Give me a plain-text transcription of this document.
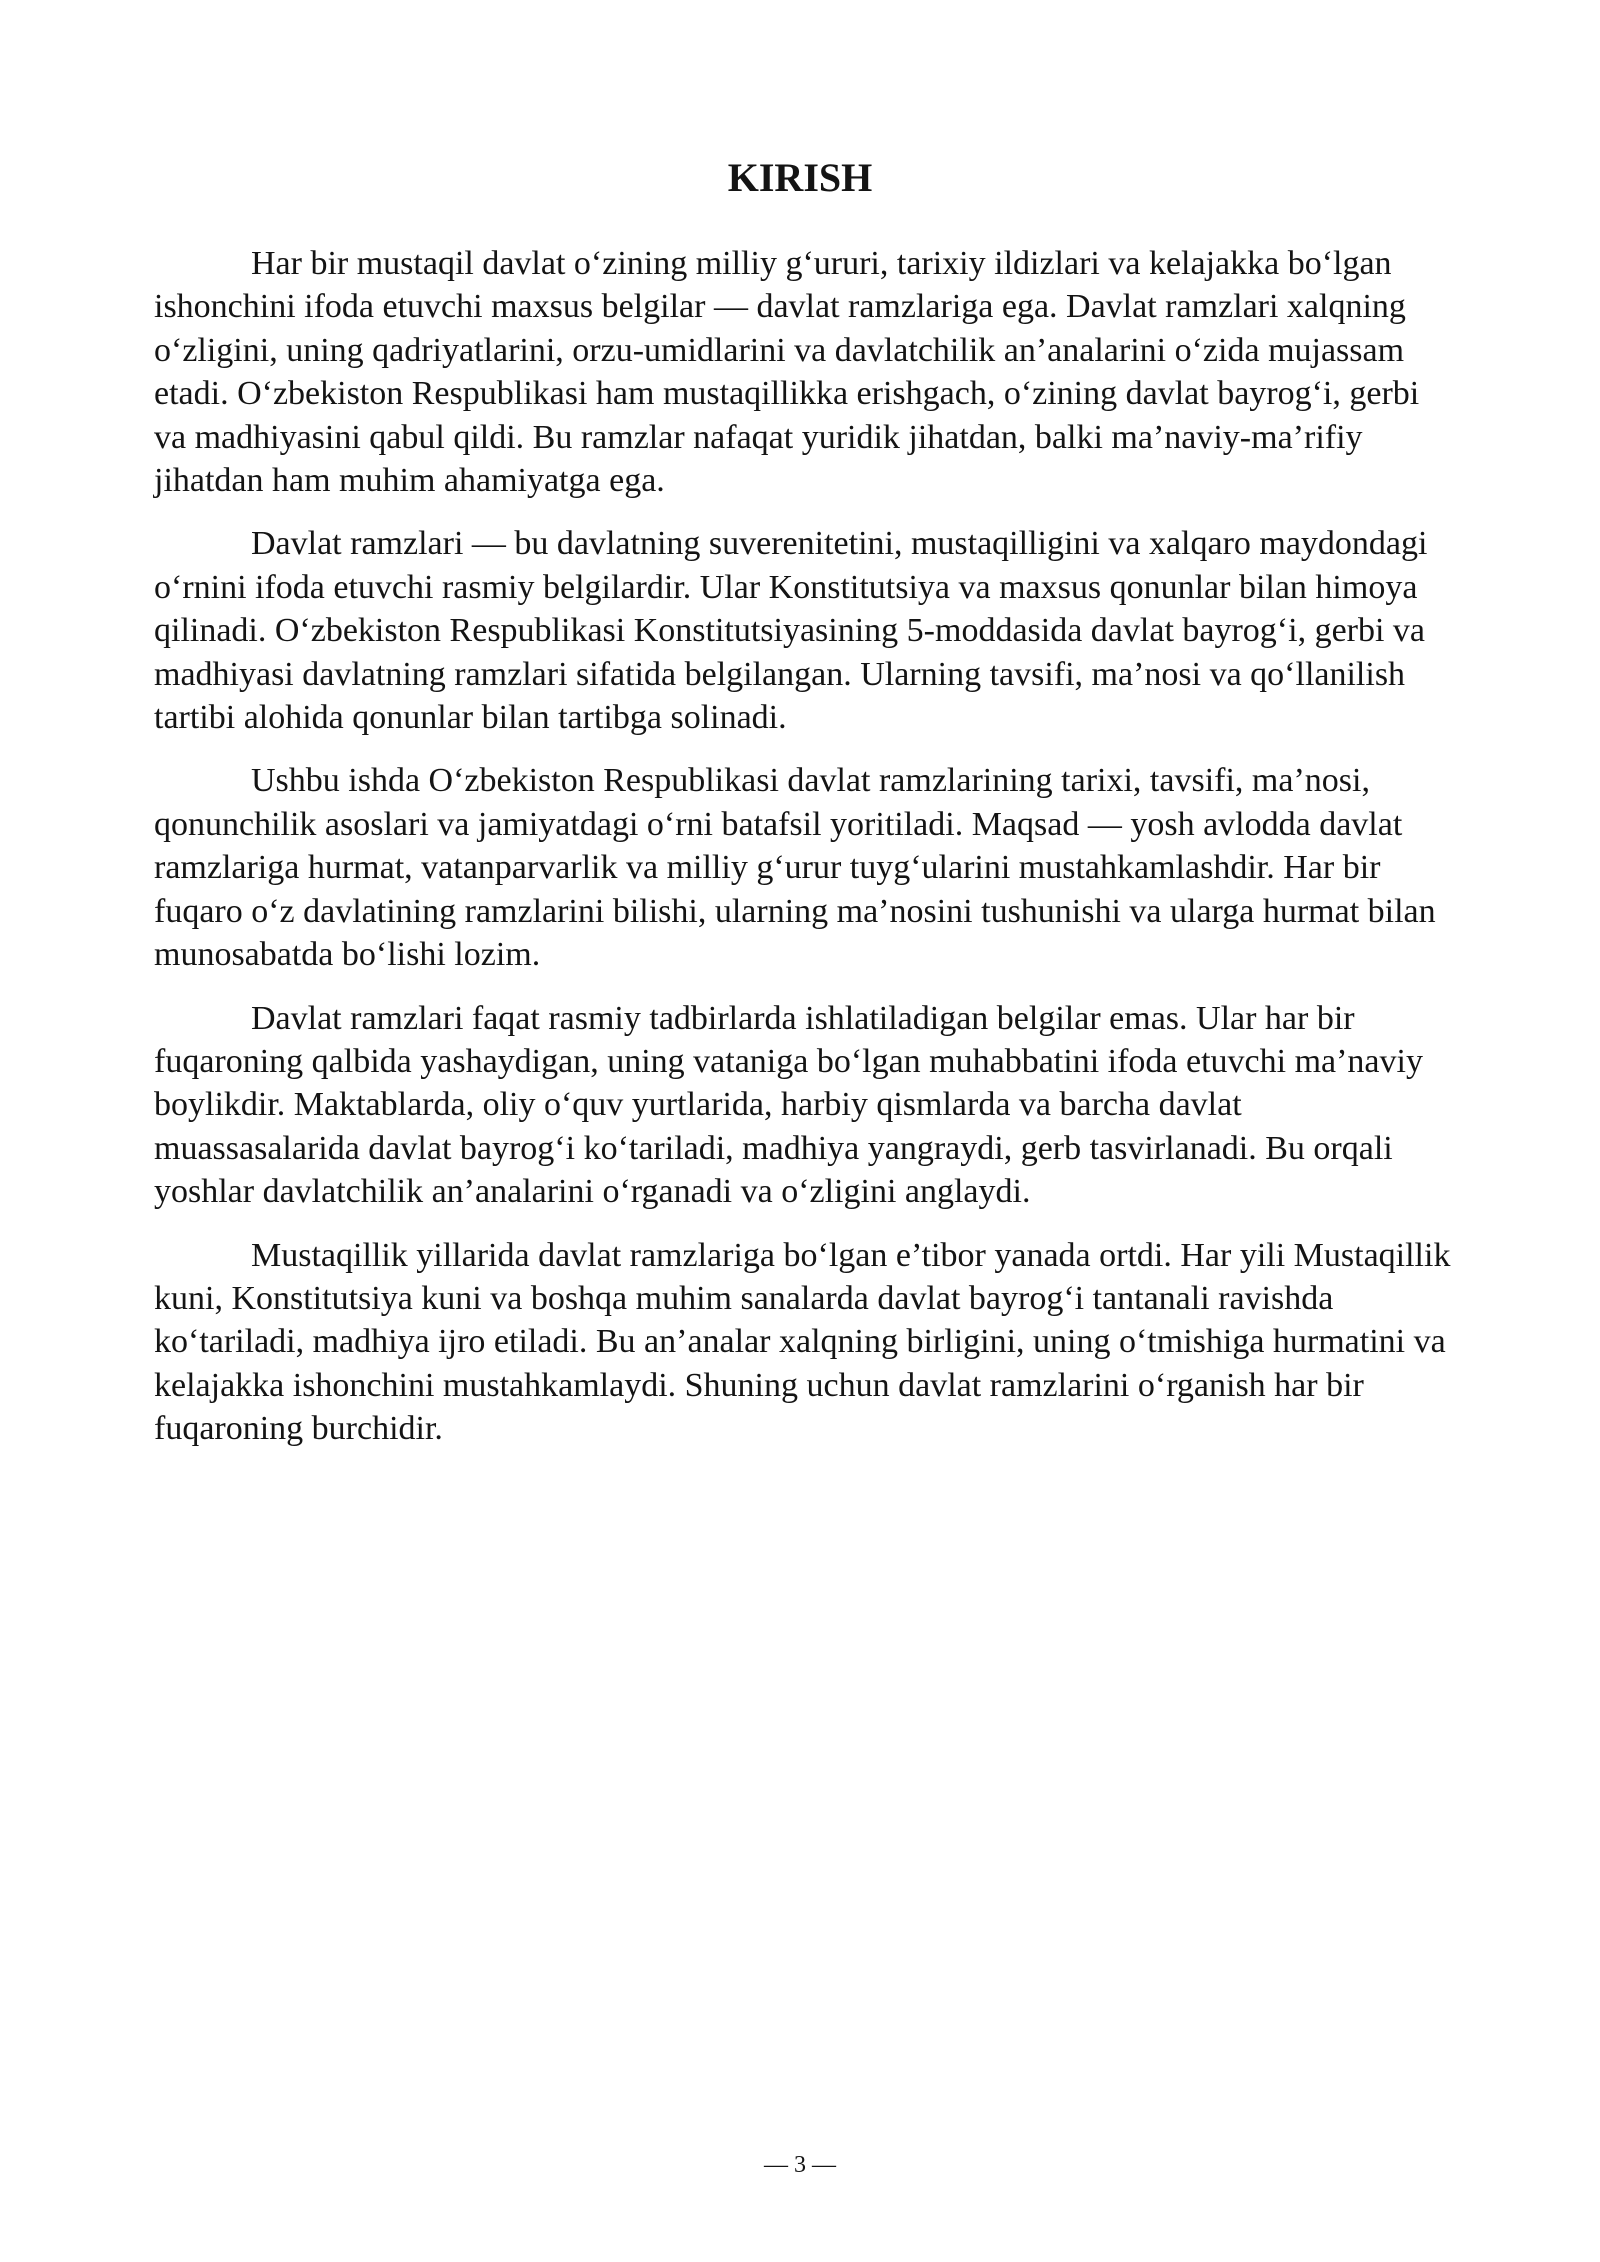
KIRISH

Har bir mustaqil davlat o‘zining milliy g‘ururi, tarixiy ildizlari va kelajakka bo‘lgan ishonchini ifoda etuvchi maxsus belgilar — davlat ramzlariga ega. Davlat ramzlari xalqning o‘zligini, uning qadriyatlarini, orzu-umidlarini va davlatchilik an’analarini o‘zida mujassam etadi. O‘zbekiston Respublikasi ham mustaqillikka erishgach, o‘zining davlat bayrog‘i, gerbi va madhiyasini qabul qildi. Bu ramzlar nafaqat yuridik jihatdan, balki ma’naviy-ma’rifiy jihatdan ham muhim ahamiyatga ega.

Davlat ramzlari — bu davlatning suverenitetini, mustaqilligini va xalqaro maydondagi o‘rnini ifoda etuvchi rasmiy belgilardir. Ular Konstitutsiya va maxsus qonunlar bilan himoya qilinadi. O‘zbekiston Respublikasi Konstitutsiyasining 5-moddasida davlat bayrog‘i, gerbi va madhiyasi davlatning ramzlari sifatida belgilangan. Ularning tavsifi, ma’nosi va qo‘llanilish tartibi alohida qonunlar bilan tartibga solinadi.

Ushbu ishda O‘zbekiston Respublikasi davlat ramzlarining tarixi, tavsifi, ma’nosi, qonunchilik asoslari va jamiyatdagi o‘rni batafsil yoritiladi. Maqsad — yosh avlodda davlat ramzlariga hurmat, vatanparvarlik va milliy g‘urur tuyg‘ularini mustahkamlashdir. Har bir fuqaro o‘z davlatining ramzlarini bilishi, ularning ma’nosini tushunishi va ularga hurmat bilan munosabatda bo‘lishi lozim.

Davlat ramzlari faqat rasmiy tadbirlarda ishlatiladigan belgilar emas. Ular har bir fuqaroning qalbida yashaydigan, uning vataniga bo‘lgan muhabbatini ifoda etuvchi ma’naviy boylikdir. Maktablarda, oliy o‘quv yurtlarida, harbiy qismlarda va barcha davlat muassasalarida davlat bayrog‘i ko‘tariladi, madhiya yangraydi, gerb tasvirlanadi. Bu orqali yoshlar davlatchilik an’analarini o‘rganadi va o‘zligini anglaydi.

Mustaqillik yillarida davlat ramzlariga bo‘lgan e’tibor yanada ortdi. Har yili Mustaqillik kuni, Konstitutsiya kuni va boshqa muhim sanalarda davlat bayrog‘i tantanali ravishda ko‘tariladi, madhiya ijro etiladi. Bu an’analar xalqning birligini, uning o‘tmishiga hurmatini va kelajakka ishonchini mustahkamlaydi. Shuning uchun davlat ramzlarini o‘rganish har bir fuqaroning burchidir.

— 3 —
